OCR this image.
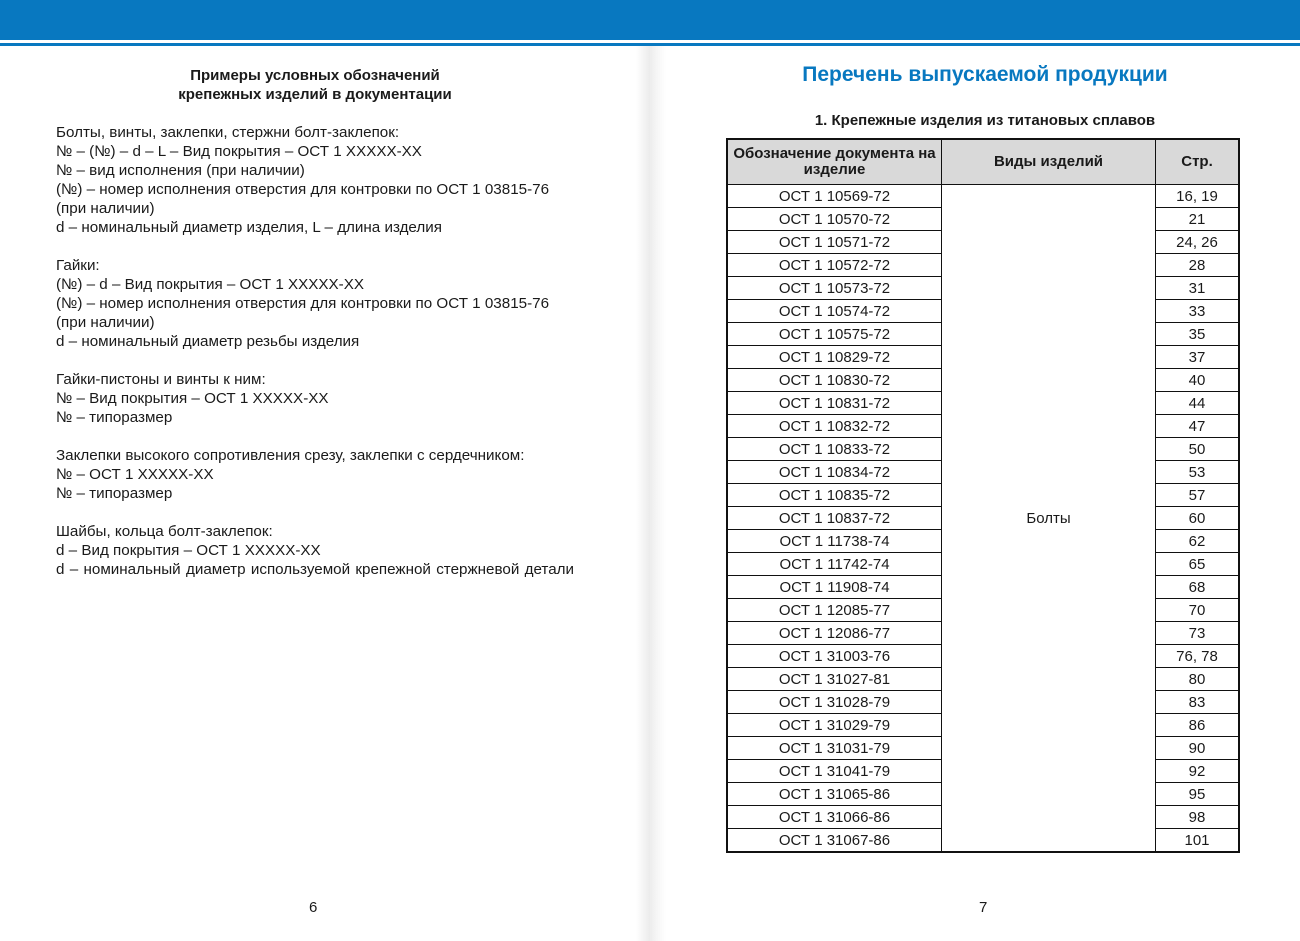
Примеры условных обозначений
крепежных изделий в документации
Болты, винты, заклепки, стержни болт-заклепок:
№ – (№) – d – L – Вид покрытия – ОСТ 1 XXXXX-XX
№ – вид исполнения (при наличии)
(№) – номер исполнения отверстия для контровки по ОСТ 1 03815-76
(при наличии)
d – номинальный диаметр изделия, L – длина изделия
Гайки:
(№) – d – Вид покрытия – ОСТ 1 XXXXX-XX
(№) – номер исполнения отверстия для контровки по ОСТ 1 03815-76
(при наличии)
d – номинальный диаметр резьбы изделия
Гайки-пистоны и винты к ним:
№ – Вид покрытия – ОСТ 1 XXXXX-XX
№ – типоразмер
Заклепки высокого сопротивления срезу, заклепки с сердечником:
№ – ОСТ 1 XXXXX-XX
№ – типоразмер
Шайбы, кольца болт-заклепок:
d – Вид покрытия – ОСТ 1 XXXXX-XX
d – номинальный диаметр используемой крепежной стержневой детали
6
Перечень выпускаемой продукции
1. Крепежные изделия из титановых сплавов
7
Обозначение документа на изделие	Виды изделий	Стр.
ОСТ 1 10569-72	Болты	16, 19
ОСТ 1 10570-72		21
ОСТ 1 10571-72		24, 26
ОСТ 1 10572-72		28
ОСТ 1 10573-72		31
ОСТ 1 10574-72		33
ОСТ 1 10575-72		35
ОСТ 1 10829-72		37
ОСТ 1 10830-72		40
ОСТ 1 10831-72		44
ОСТ 1 10832-72		47
ОСТ 1 10833-72		50
ОСТ 1 10834-72		53
ОСТ 1 10835-72		57
ОСТ 1 10837-72		60
ОСТ 1 11738-74		62
ОСТ 1 11742-74		65
ОСТ 1 11908-74		68
ОСТ 1 12085-77		70
ОСТ 1 12086-77		73
ОСТ 1 31003-76		76, 78
ОСТ 1 31027-81		80
ОСТ 1 31028-79		83
ОСТ 1 31029-79		86
ОСТ 1 31031-79		90
ОСТ 1 31041-79		92
ОСТ 1 31065-86		95
ОСТ 1 31066-86		98
ОСТ 1 31067-86		101
